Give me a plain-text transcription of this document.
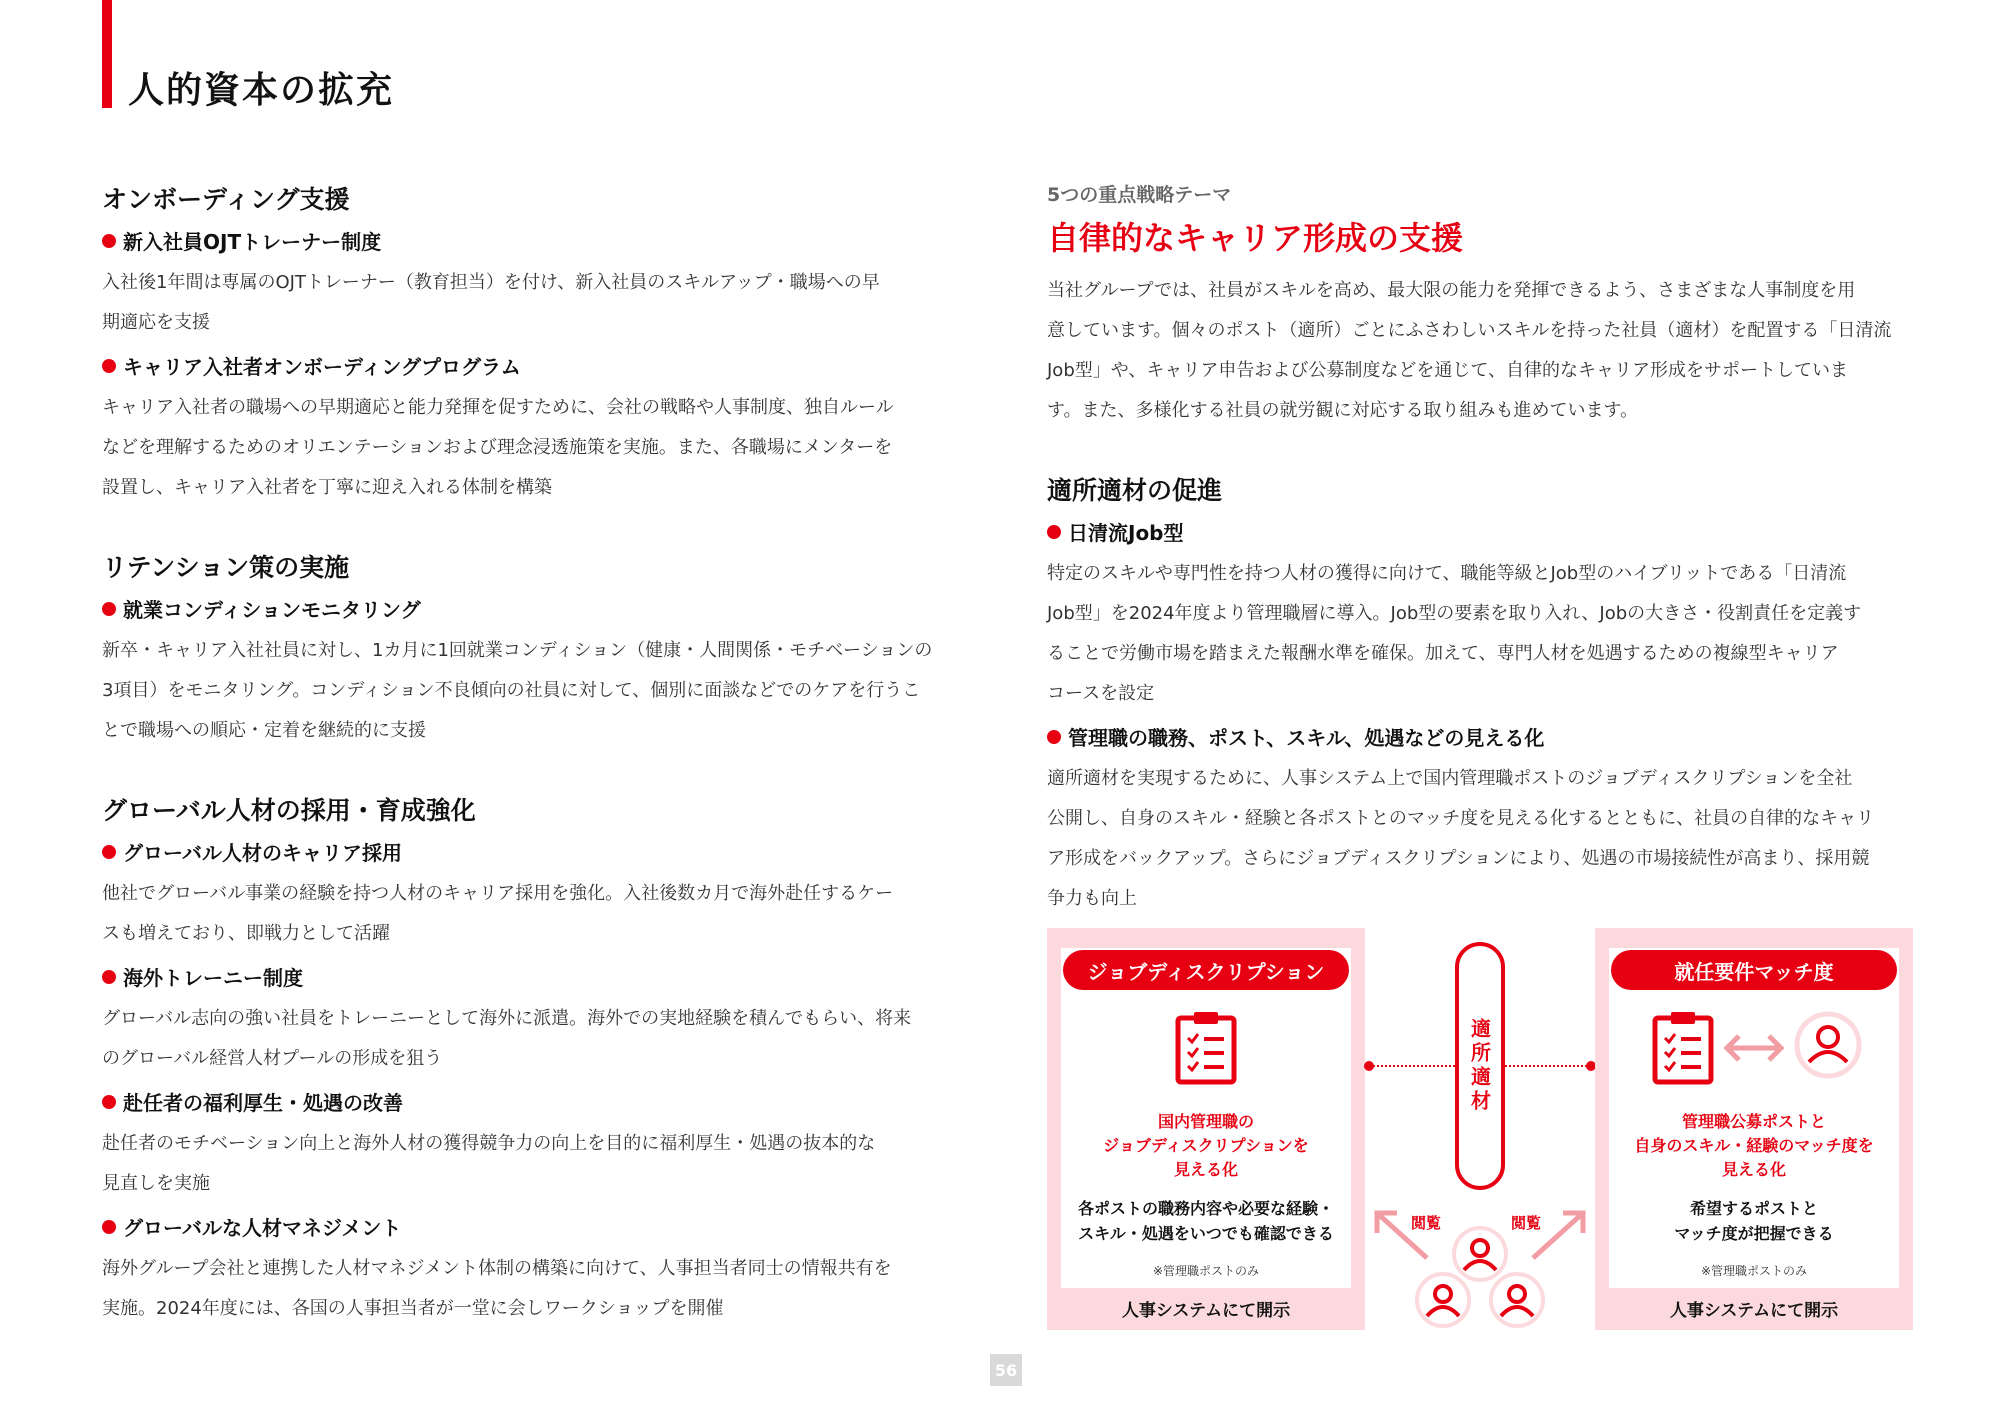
人的資本の拡充
オンボーディング支援
新入社員OJTトレーナー制度
入社後1年間は専属のOJTトレーナー（教育担当）を付け、新入社員のスキルアップ・職場への早
期適応を支援
キャリア入社者オンボーディングプログラム
キャリア入社者の職場への早期適応と能力発揮を促すために、会社の戦略や人事制度、独自ルール
などを理解するためのオリエンテーションおよび理念浸透施策を実施。また、各職場にメンターを
設置し、キャリア入社者を丁寧に迎え入れる体制を構築
リテンション策の実施
就業コンディションモニタリング
新卒・キャリア入社社員に対し、1カ月に1回就業コンディション（健康・人間関係・モチベーションの
3項目）をモニタリング。コンディション不良傾向の社員に対して、個別に面談などでのケアを行うこ
とで職場への順応・定着を継続的に支援
グローバル人材の採用・育成強化
グローバル人材のキャリア採用
他社でグローバル事業の経験を持つ人材のキャリア採用を強化。入社後数カ月で海外赴任するケー
スも増えており、即戦力として活躍
海外トレーニー制度
グローバル志向の強い社員をトレーニーとして海外に派遣。海外での実地経験を積んでもらい、将来
のグローバル経営人材プールの形成を狙う
赴任者の福利厚生・処遇の改善
赴任者のモチベーション向上と海外人材の獲得競争力の向上を目的に福利厚生・処遇の抜本的な
見直しを実施
グローバルな人材マネジメント
海外グループ会社と連携した人材マネジメント体制の構築に向けて、人事担当者同士の情報共有を
実施。2024年度には、各国の人事担当者が一堂に会しワークショップを開催
5つの重点戦略テーマ
自律的なキャリア形成の支援
当社グループでは、社員がスキルを高め、最大限の能力を発揮できるよう、さまざまな人事制度を用
意しています。個々のポスト（適所）ごとにふさわしいスキルを持った社員（適材）を配置する「日清流
Job型」や、キャリア申告および公募制度などを通じて、自律的なキャリア形成をサポートしていま
す。また、多様化する社員の就労観に対応する取り組みも進めています。
適所適材の促進
日清流Job型
特定のスキルや専門性を持つ人材の獲得に向けて、職能等級とJob型のハイブリットである「日清流
Job型」を2024年度より管理職層に導入。Job型の要素を取り入れ、Jobの大きさ・役割責任を定義す
ることで労働市場を踏まえた報酬水準を確保。加えて、専門人材を処遇するための複線型キャリア
コースを設定
管理職の職務、ポスト、スキル、処遇などの見える化
適所適材を実現するために、人事システム上で国内管理職ポストのジョブディスクリプションを全社
公開し、自身のスキル・経験と各ポストとのマッチ度を見える化するとともに、社員の自律的なキャリ
ア形成をバックアップ。さらにジョブディスクリプションにより、処遇の市場接続性が高まり、採用競
争力も向上
ジョブディスクリプション
国内管理職の
ジョブディスクリプションを
見える化
各ポストの職務内容や必要な経験・
スキル・処遇をいつでも確認できる
※管理職ポストのみ
人事システムにて開示
適所適材
閲覧	閲覧
就任要件マッチ度
管理職公募ポストと
自身のスキル・経験のマッチ度を
見える化
希望するポストと
マッチ度が把握できる
※管理職ポストのみ
人事システムにて開示
56
